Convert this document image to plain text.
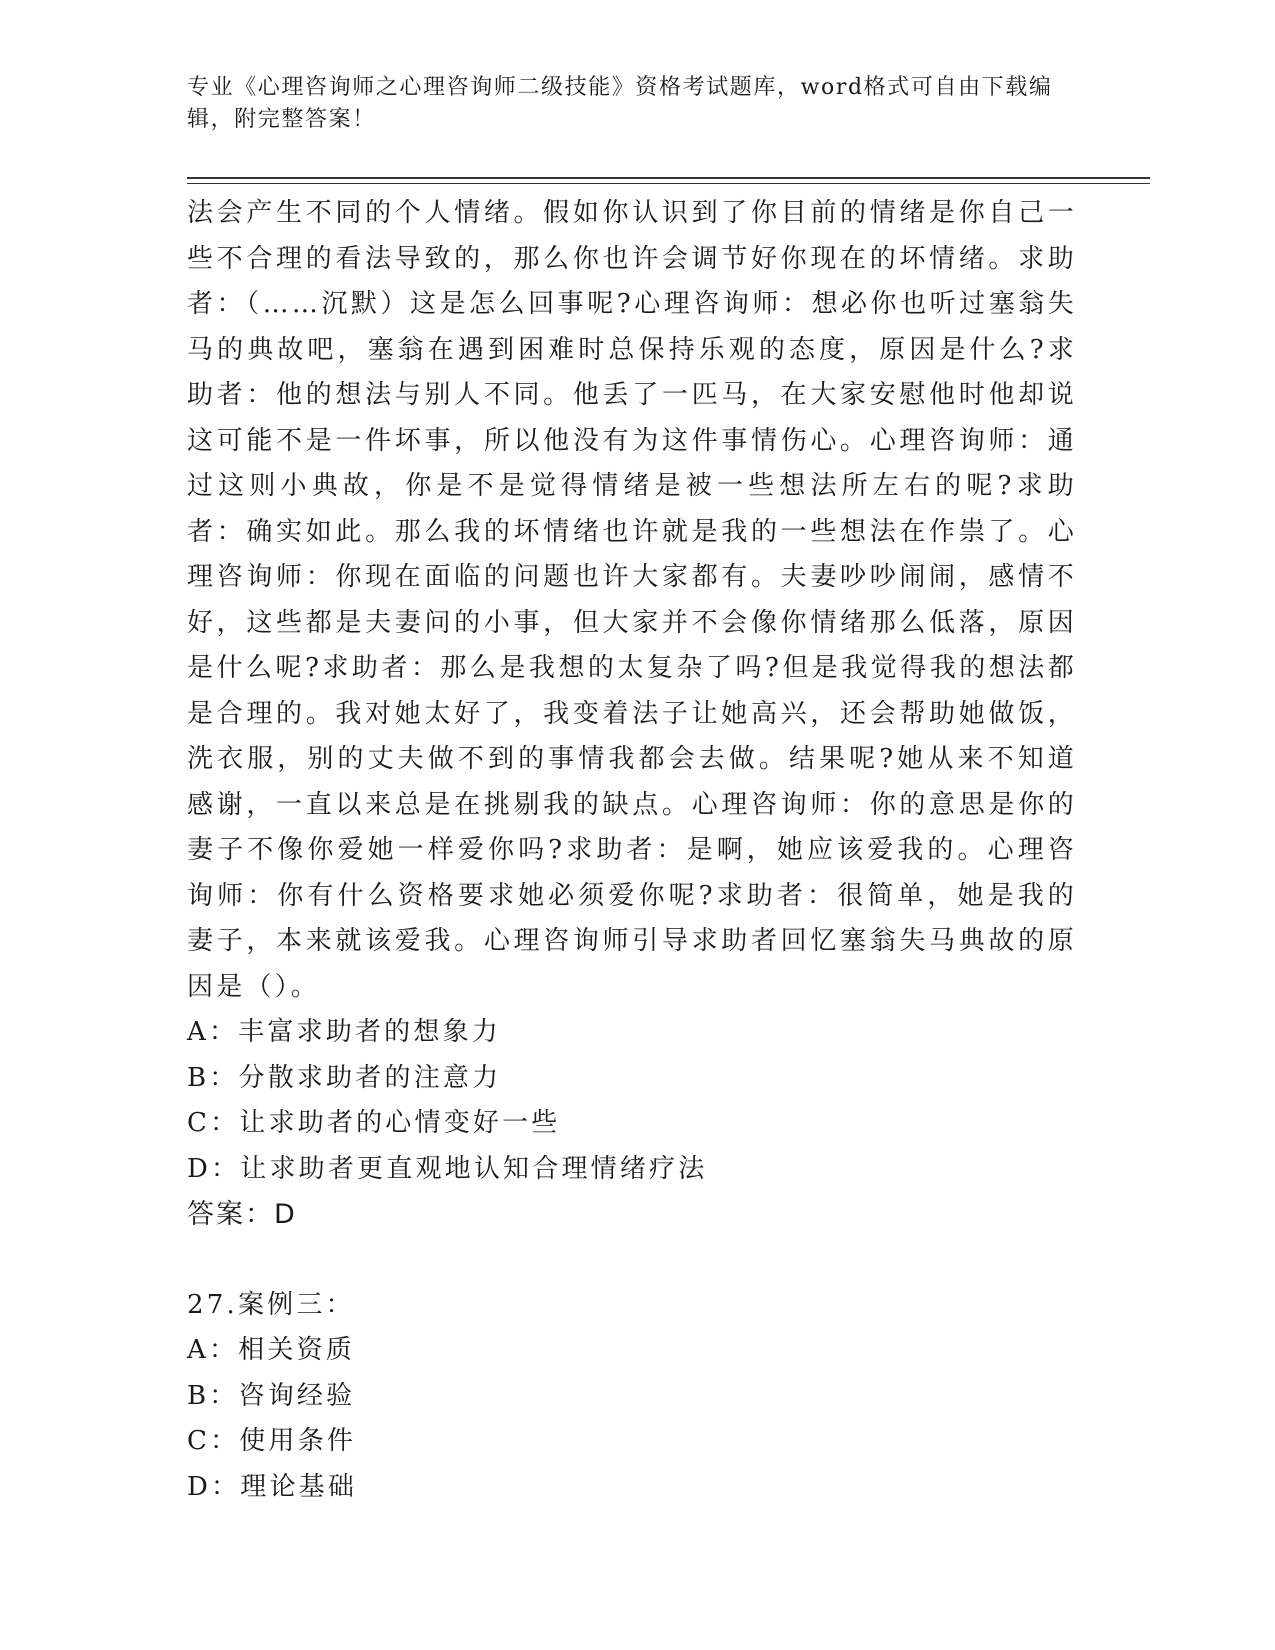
专业《心理咨询师之心理咨询师二级技能》资格考试题库，word格式可自由下载编辑，附完整答案！

法会产生不同的个人情绪。假如你认识到了你目前的情绪是你自己一些不合理的看法导致的，那么你也许会调节好你现在的坏情绪。求助者：（……沉默）这是怎么回事呢?心理咨询师：想必你也听过塞翁失马的典故吧，塞翁在遇到困难时总保持乐观的态度，原因是什么?求助者：他的想法与别人不同。他丢了一匹马，在大家安慰他时他却说这可能不是一件坏事，所以他没有为这件事情伤心。心理咨询师：通过这则小典故，你是不是觉得情绪是被一些想法所左右的呢?求助者：确实如此。那么我的坏情绪也许就是我的一些想法在作祟了。心理咨询师：你现在面临的问题也许大家都有。夫妻吵吵闹闹，感情不好，这些都是夫妻问的小事，但大家并不会像你情绪那么低落，原因是什么呢?求助者：那么是我想的太复杂了吗?但是我觉得我的想法都是合理的。我对她太好了，我变着法子让她高兴，还会帮助她做饭，洗衣服，别的丈夫做不到的事情我都会去做。结果呢?她从来不知道感谢，一直以来总是在挑剔我的缺点。心理咨询师：你的意思是你的妻子不像你爱她一样爱你吗?求助者：是啊，她应该爱我的。心理咨询师：你有什么资格要求她必须爱你呢?求助者：很简单，她是我的妻子，本来就该爱我。心理咨询师引导求助者回忆塞翁失马典故的原因是（）。

A：丰富求助者的想象力

B：分散求助者的注意力

C：让求助者的心情变好一些

D：让求助者更直观地认知合理情绪疗法

答案：D

27.案例三：

A：相关资质

B：咨询经验

C：使用条件

D：理论基础
